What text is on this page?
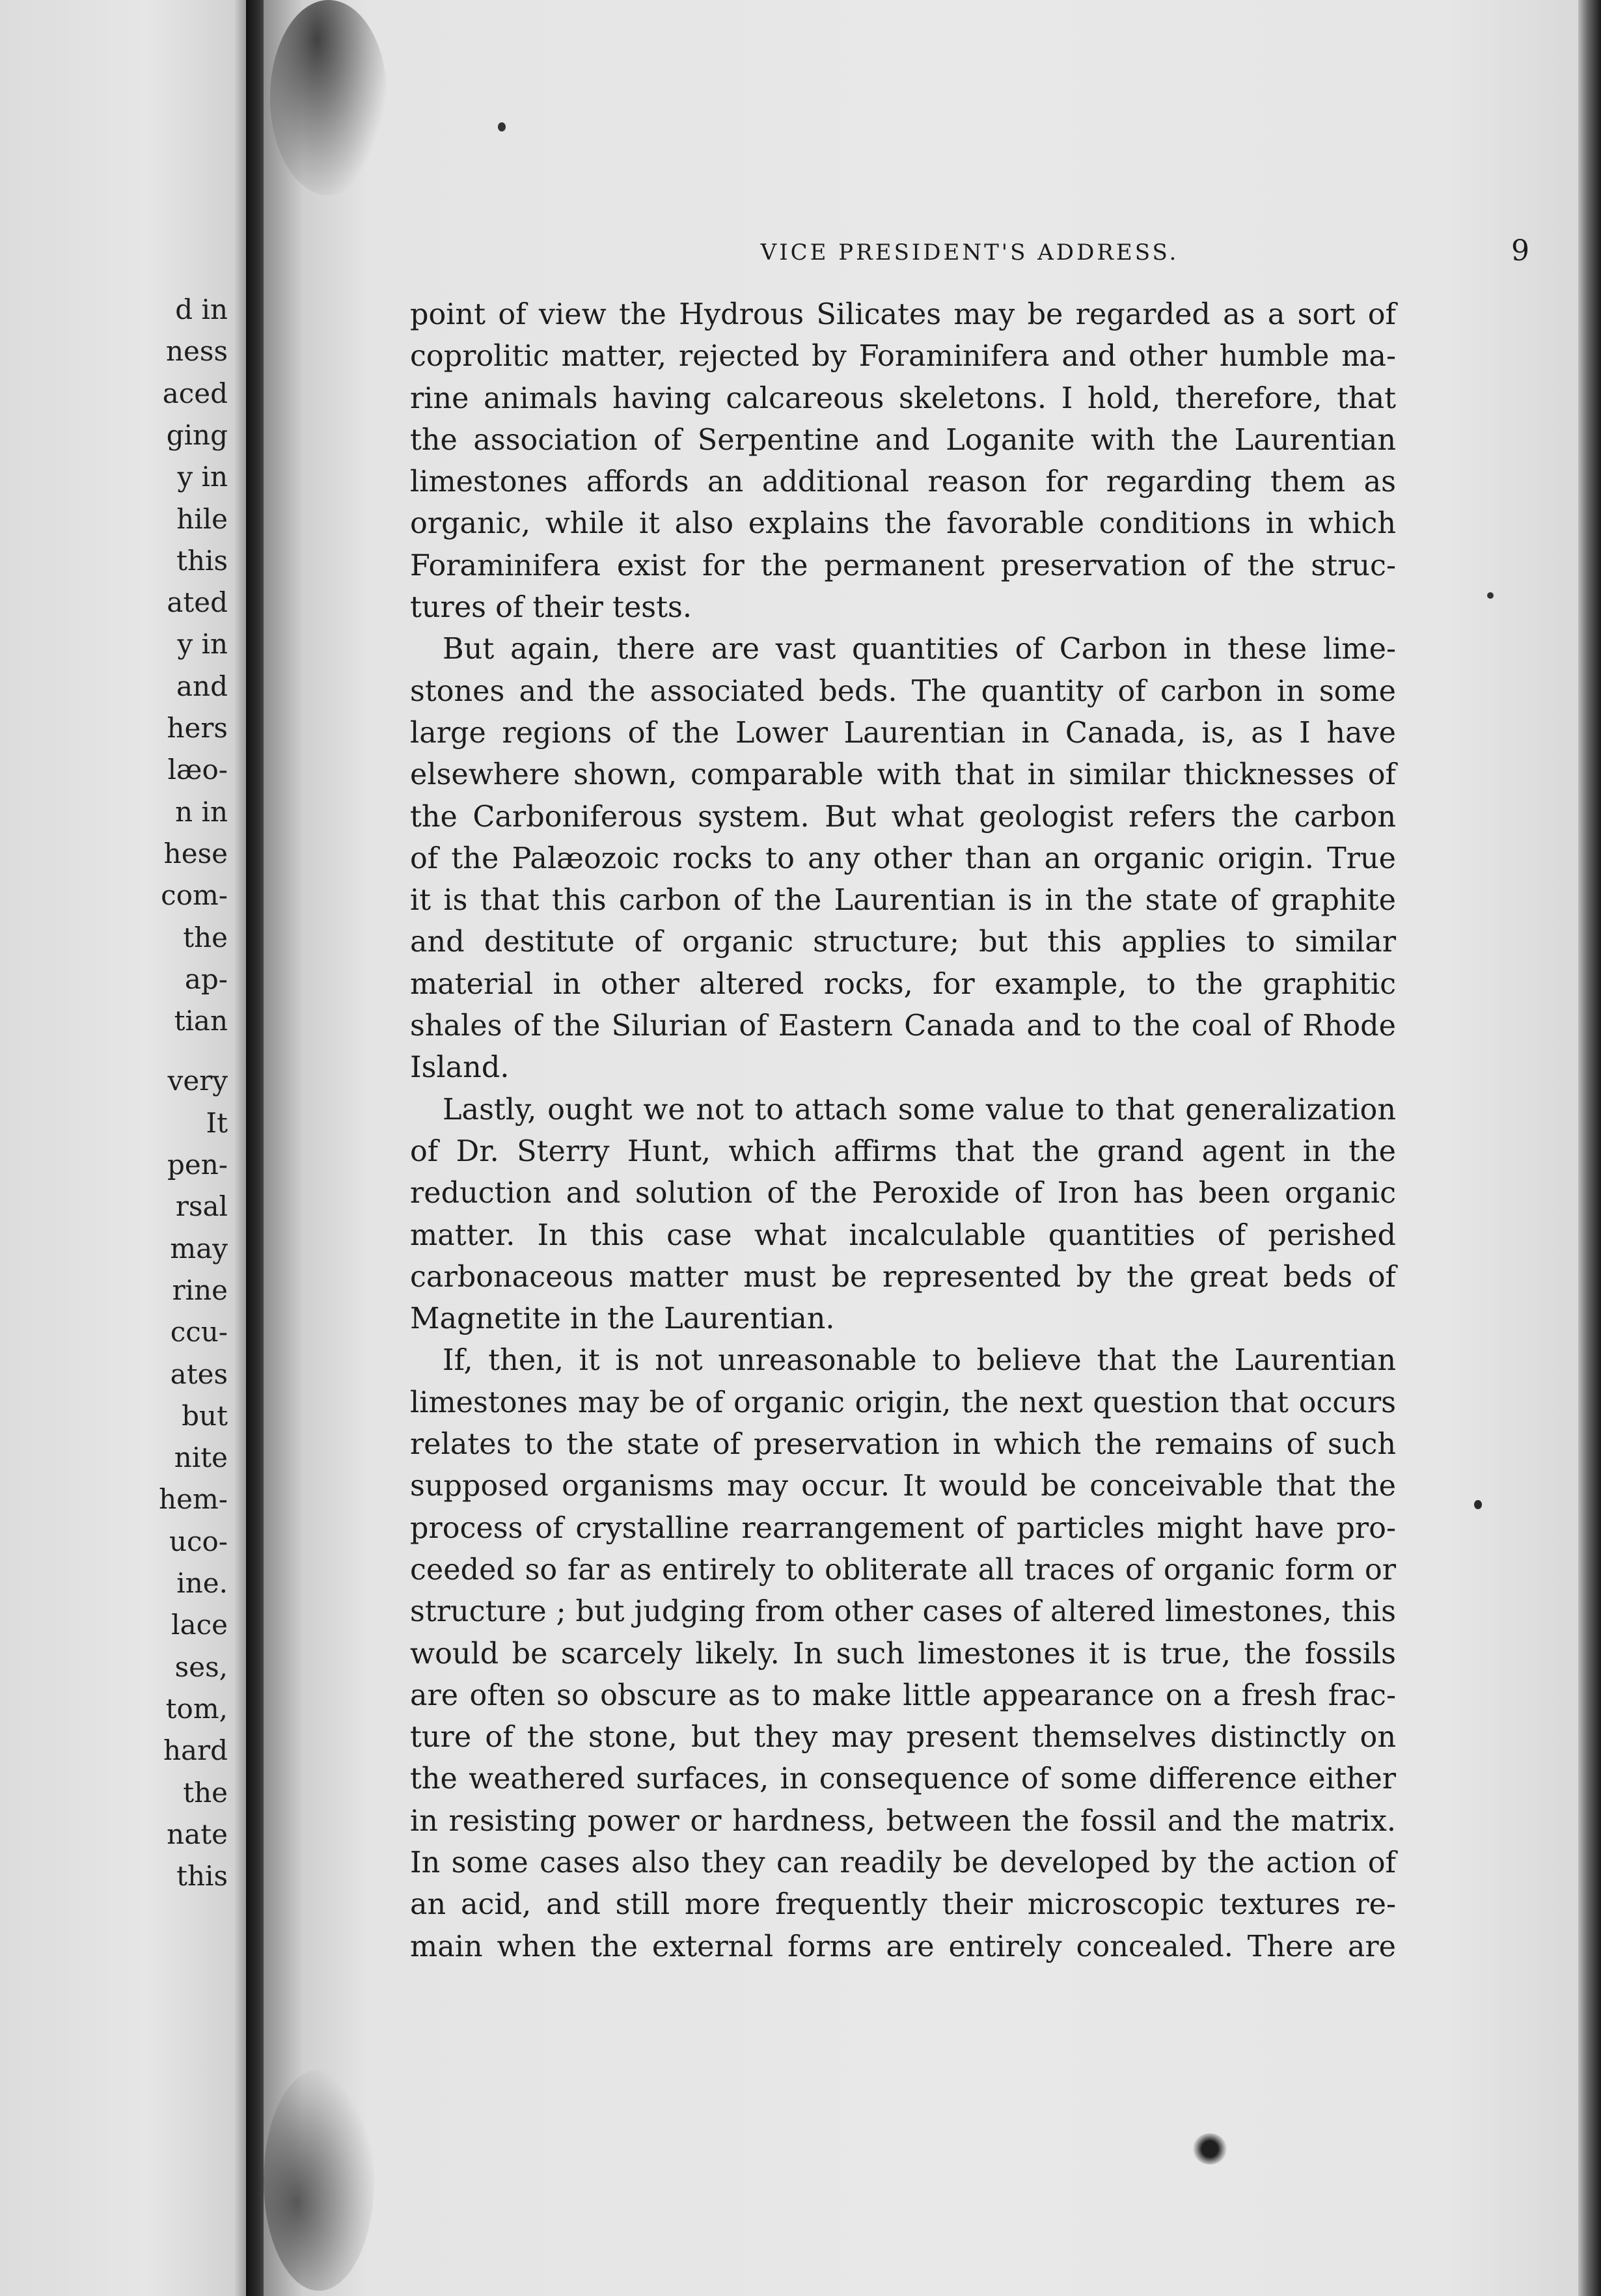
d in
ness
aced
ging
y in
hile
this
ated
y in
and
hers
læo-
n in
hese
com-
the
ap-
tian
very
It
pen-
rsal
may
rine
ccu-
ates
but
nite
hem-
uco-
ine.
lace
ses,
tom,
hard
the
nate
this
VICE PRESIDENT'S ADDRESS.	9
point of view the Hydrous Silicates may be regarded as a sort of
coprolitic matter, rejected by Foraminifera and other humble ma-
rine animals having calcareous skeletons. I hold, therefore, that
the association of Serpentine and Loganite with the Laurentian
limestones affords an additional reason for regarding them as
organic, while it also explains the favorable conditions in which
Foraminifera exist for the permanent preservation of the struc-
tures of their tests.
But again, there are vast quantities of Carbon in these lime-
stones and the associated beds. The quantity of carbon in some
large regions of the Lower Laurentian in Canada, is, as I have
elsewhere shown, comparable with that in similar thicknesses of
the Carboniferous system. But what geologist refers the carbon
of the Palæozoic rocks to any other than an organic origin. True
it is that this carbon of the Laurentian is in the state of graphite
and destitute of organic structure; but this applies to similar
material in other altered rocks, for example, to the graphitic
shales of the Silurian of Eastern Canada and to the coal of Rhode
Island.
Lastly, ought we not to attach some value to that generalization
of Dr. Sterry Hunt, which affirms that the grand agent in the
reduction and solution of the Peroxide of Iron has been organic
matter. In this case what incalculable quantities of perished
carbonaceous matter must be represented by the great beds of
Magnetite in the Laurentian.
If, then, it is not unreasonable to believe that the Laurentian
limestones may be of organic origin, the next question that occurs
relates to the state of preservation in which the remains of such
supposed organisms may occur. It would be conceivable that the
process of crystalline rearrangement of particles might have pro-
ceeded so far as entirely to obliterate all traces of organic form or
structure ; but judging from other cases of altered limestones, this
would be scarcely likely. In such limestones it is true, the fossils
are often so obscure as to make little appearance on a fresh frac-
ture of the stone, but they may present themselves distinctly on
the weathered surfaces, in consequence of some difference either
in resisting power or hardness, between the fossil and the matrix.
In some cases also they can readily be developed by the action of
an acid, and still more frequently their microscopic textures re-
main when the external forms are entirely concealed. There are
